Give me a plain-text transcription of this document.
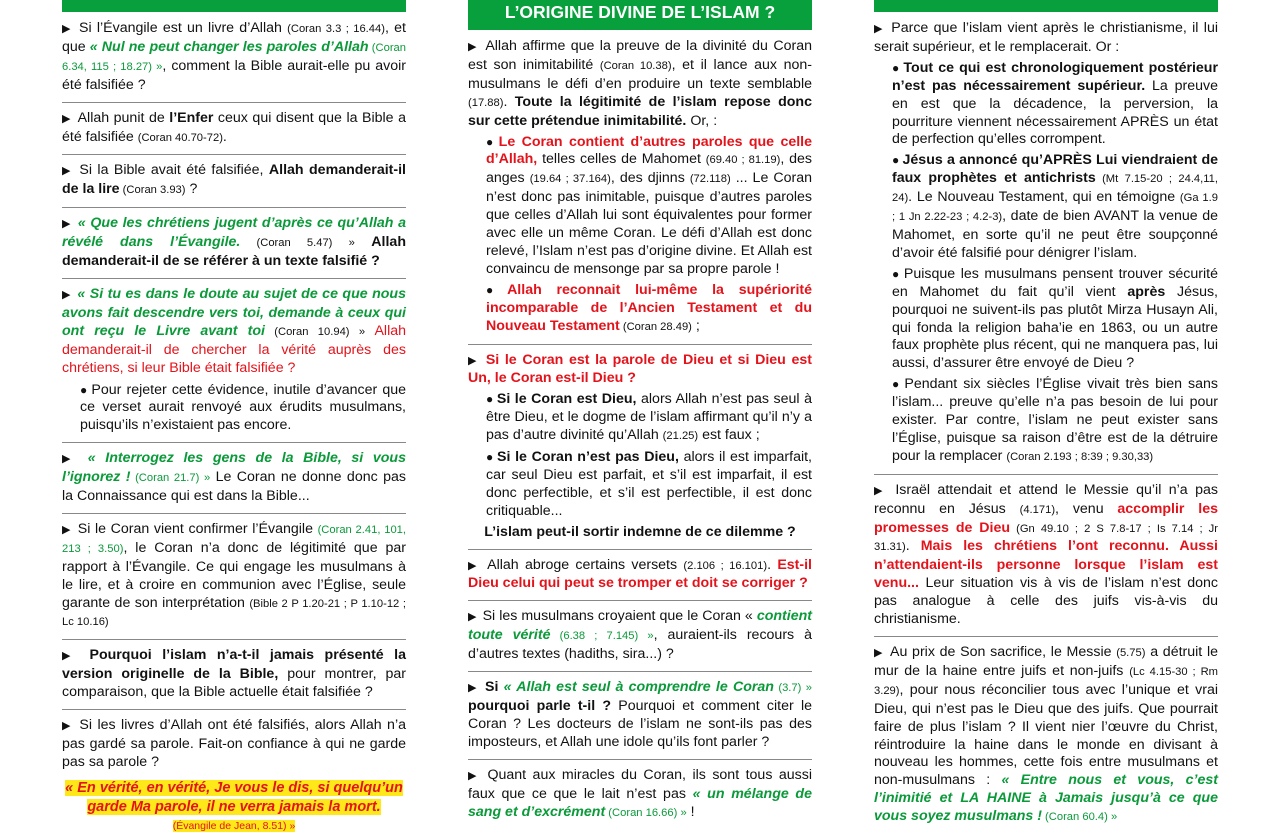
▶ Si l’Évangile est un livre d’Allah (Coran 3.3 ; 16.44), et que « Nul ne peut changer les paroles d’Allah (Coran 6.34, 115 ; 18.27) », comment la Bible aurait-elle pu avoir été falsifiée ?
▶ Allah punit de l’Enfer ceux qui disent que la Bible a été falsifiée (Coran 40.70-72).
▶ Si la Bible avait été falsifiée, Allah demanderait-il de la lire (Coran 3.93) ?
▶ « Que les chrétiens jugent d’après ce qu’Allah a révélé dans l’Évangile. (Coran 5.47) » Allah demanderait-il de se référer à un texte falsifié ?
▶ « Si tu es dans le doute au sujet de ce que nous avons fait descendre vers toi, demande à ceux qui ont reçu le Livre avant toi (Coran 10.94) » Allah demanderait-il de chercher la vérité auprès des chrétiens, si leur Bible était falsifiée ?
● Pour rejeter cette évidence, inutile d’avancer que ce verset aurait renvoyé aux érudits musulmans, puisqu’ils n’existaient pas encore.
▶ « Interrogez les gens de la Bible, si vous l’ignorez ! (Coran 21.7) » Le Coran ne donne donc pas la Connaissance qui est dans la Bible...
▶ Si le Coran vient confirmer l’Évangile (Coran 2.41, 101, 213 ; 3.50), le Coran n’a donc de légitimité que par rapport à l’Évangile. Ce qui engage les musulmans à le lire, et à croire en communion avec l’Église, seule garante de son interprétation (Bible 2 P 1.20-21 ; P 1.10-12 ; Lc 10.16)
▶ Pourquoi l’islam n’a-t-il jamais présenté la version originelle de la Bible, pour montrer, par comparaison, que la Bible actuelle était falsifiée ?
▶ Si les livres d’Allah ont été falsifiés, alors Allah n’a pas gardé sa parole. Fait-on confiance à qui ne garde pas sa parole ?
« En vérité, en vérité, Je vous le dis, si quelqu’un garde Ma parole, il ne verra jamais la mort.
(Évangile de Jean, 8.51) »
L’ORIGINE DIVINE DE L’ISLAM ?
▶ Allah affirme que la preuve de la divinité du Coran est son inimitabilité (Coran 10.38), et il lance aux non-musulmans le défi d’en produire un texte semblable (17.88). Toute la légitimité de l’islam repose donc sur cette prétendue inimitabilité. Or, :
● Le Coran contient d’autres paroles que celle d’Allah, telles celles de Mahomet (69.40 ; 81.19), des anges (19.64 ; 37.164), des djinns (72.118) ... Le Coran n’est donc pas inimitable, puisque d’autres paroles que celles d’Allah lui sont équivalentes pour former avec elle un même Coran. Le défi d’Allah est donc relevé, l’Islam n’est pas d’origine divine. Et Allah est convaincu de mensonge par sa propre parole !
● Allah reconnait lui-même la supériorité incomparable de l’Ancien Testament et du Nouveau Testament (Coran 28.49) ;
▶ Si le Coran est la parole de Dieu et si Dieu est Un, le Coran est-il Dieu ?
● Si le Coran est Dieu, alors Allah n’est pas seul à être Dieu, et le dogme de l’islam affirmant qu’il n’y a pas d’autre divinité qu’Allah (21.25) est faux ;
● Si le Coran n’est pas Dieu, alors il est imparfait, car seul Dieu est parfait, et s’il est imparfait, il est donc perfectible, et s’il est perfectible, il est donc critiquable...
L’islam peut-il sortir indemne de ce dilemme ?
▶ Allah abroge certains versets (2.106 ; 16.101). Est-il Dieu celui qui peut se tromper et doit se corriger ?
▶ Si les musulmans croyaient que le Coran « contient toute vérité (6.38 ; 7.145) », auraient-ils recours à d’autres textes (hadiths, sira...) ?
▶ Si « Allah est seul à comprendre le Coran (3.7) » pourquoi parle t-il ? Pourquoi et comment citer le Coran ? Les docteurs de l’islam ne sont-ils pas des imposteurs, et Allah une idole qu’ils font parler ?
▶ Quant aux miracles du Coran, ils sont tous aussi faux que ce que le lait n’est pas « un mélange de sang et d’excrément (Coran 16.66) » !
▶ Parce que l’islam vient après le christianisme, il lui serait supérieur, et le remplacerait. Or :
● Tout ce qui est chronologiquement postérieur n’est pas nécessairement supérieur. La preuve en est que la décadence, la perversion, la pourriture viennent nécessairement APRÈS un état de perfection qu’elles corrompent.
● Jésus a annoncé qu’APRÈS Lui viendraient de faux prophètes et antichrists (Mt 7.15-20 ; 24.4,11, 24). Le Nouveau Testament, qui en témoigne (Ga 1.9 ; 1 Jn 2.22-23 ; 4.2-3), date de bien AVANT la venue de Mahomet, en sorte qu’il ne peut être soupçonné d’avoir été falsifié pour dénigrer l’islam.
● Puisque les musulmans pensent trouver sécurité en Mahomet du fait qu’il vient après Jésus, pourquoi ne suivent-ils pas plutôt Mirza Husayn Ali, qui fonda la religion baha’ie en 1863, ou un autre faux prophète plus récent, qui ne manquera pas, lui aussi, d’assurer être envoyé de Dieu ?
● Pendant six siècles l’Église vivait très bien sans l’islam... preuve qu’elle n’a pas besoin de lui pour exister. Par contre, l’islam ne peut exister sans l’Église, puisque sa raison d’être est de la détruire pour la remplacer (Coran 2.193 ; 8:39 ; 9.30,33)
▶ Israël attendait et attend le Messie qu’il n’a pas reconnu en Jésus (4.171), venu accomplir les promesses de Dieu (Gn 49.10 ; 2 S 7.8-17 ; Is 7.14 ; Jr 31.31). Mais les chrétiens l’ont reconnu. Aussi n’attendaient-ils personne lorsque l’islam est venu... Leur situation vis à vis de l’islam n’est donc pas analogue à celle des juifs vis-à-vis du christianisme.
▶ Au prix de Son sacrifice, le Messie (5.75) a détruit le mur de la haine entre juifs et non-juifs (Lc 4.15-30 ; Rm 3.29), pour nous réconcilier tous avec l’unique et vrai Dieu, qui n’est pas le Dieu que des juifs. Que pourrait faire de plus l’islam ? Il vient nier l’œuvre du Christ, réintroduire la haine dans le monde en divisant à nouveau les hommes, cette fois entre musulmans et non-musulmans : « Entre nous et vous, c’est l’inimitié et LA HAINE à Jamais jusqu’à ce que vous soyez musulmans ! (Coran 60.4) »
